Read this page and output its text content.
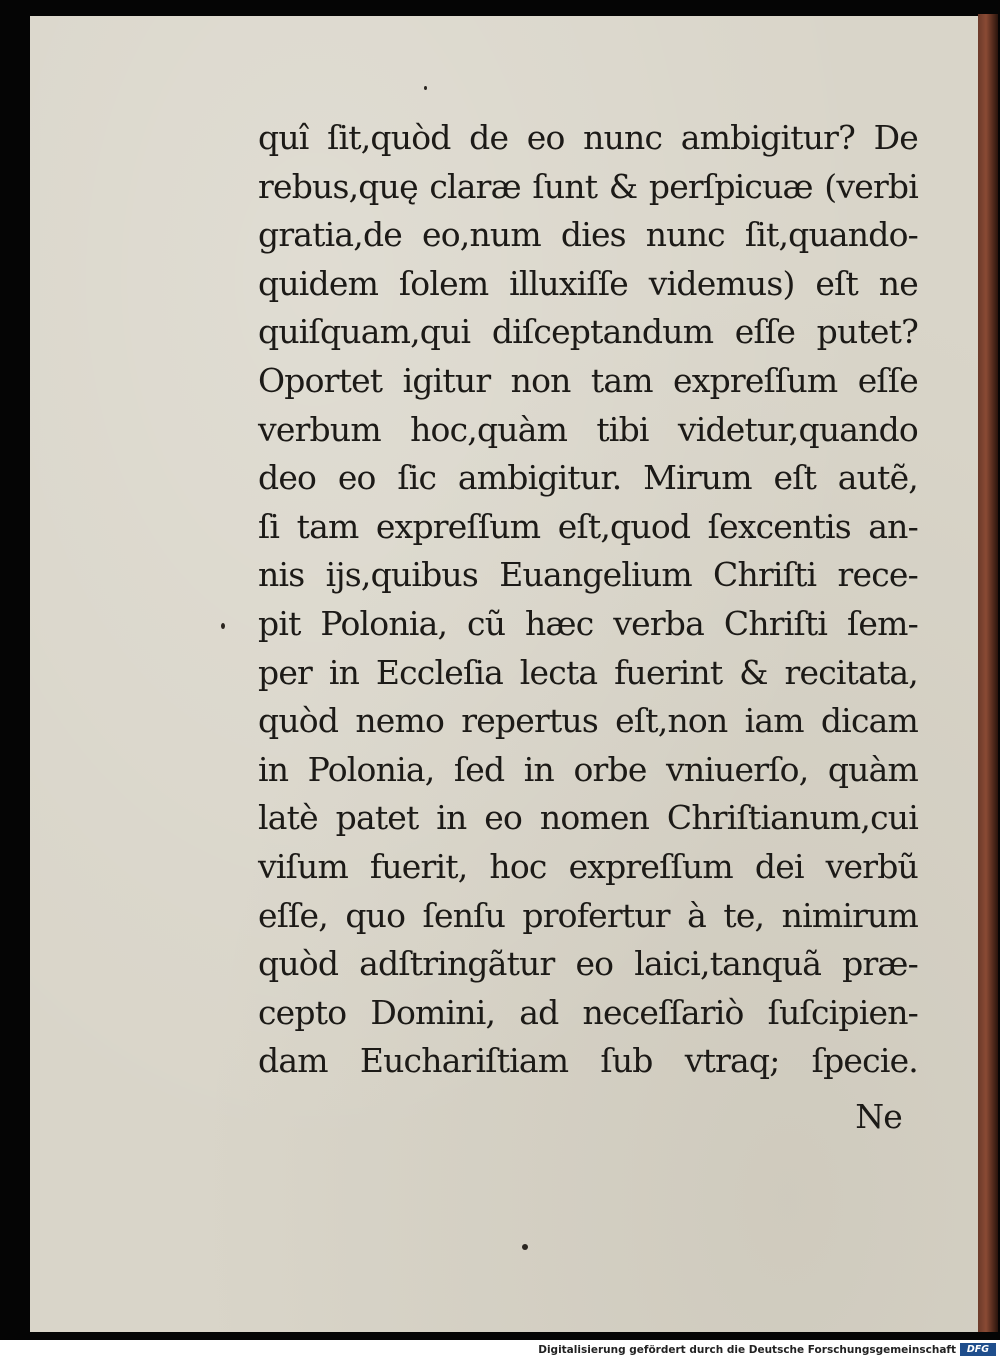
quî ſit,quòd de eo nunc ambigitur? De
rebus,quę claræ ſunt & perſpicuæ (verbi
gratia,de eo,num dies nunc ſit,quando-
quidem ſolem illuxiſſe videmus) eſt ne
quiſquam,qui diſceptandum eſſe putet?
Oportet igitur non tam expreſſum eſſe
verbum hoc,quàm tibi videtur,quando
deo eo ſic ambigitur. Mirum eſt autẽ,
ſi tam expreſſum eſt,quod ſexcentis an-
nis ijs,quibus Euangelium Chriſti rece-
pit Polonia, cũ hæc verba Chriſti ſem-
per in Eccleſia lecta fuerint & recitata,
quòd nemo repertus eſt,non iam dicam
in Polonia, ſed in orbe vniuerſo, quàm
latè patet in eo nomen Chriſtianum,cui
viſum fuerit, hoc expreſſum dei verbũ
eſſe, quo ſenſu profertur à te, nimirum
quòd adſtringãtur eo laici,tanquã præ-
cepto Domini, ad neceſſariò ſuſcipien-
dam Euchariſtiam ſub vtraq; ſpecie.
Ne
Digitalisierung gefördert durch die Deutsche Forschungsgemeinschaft	DFG
